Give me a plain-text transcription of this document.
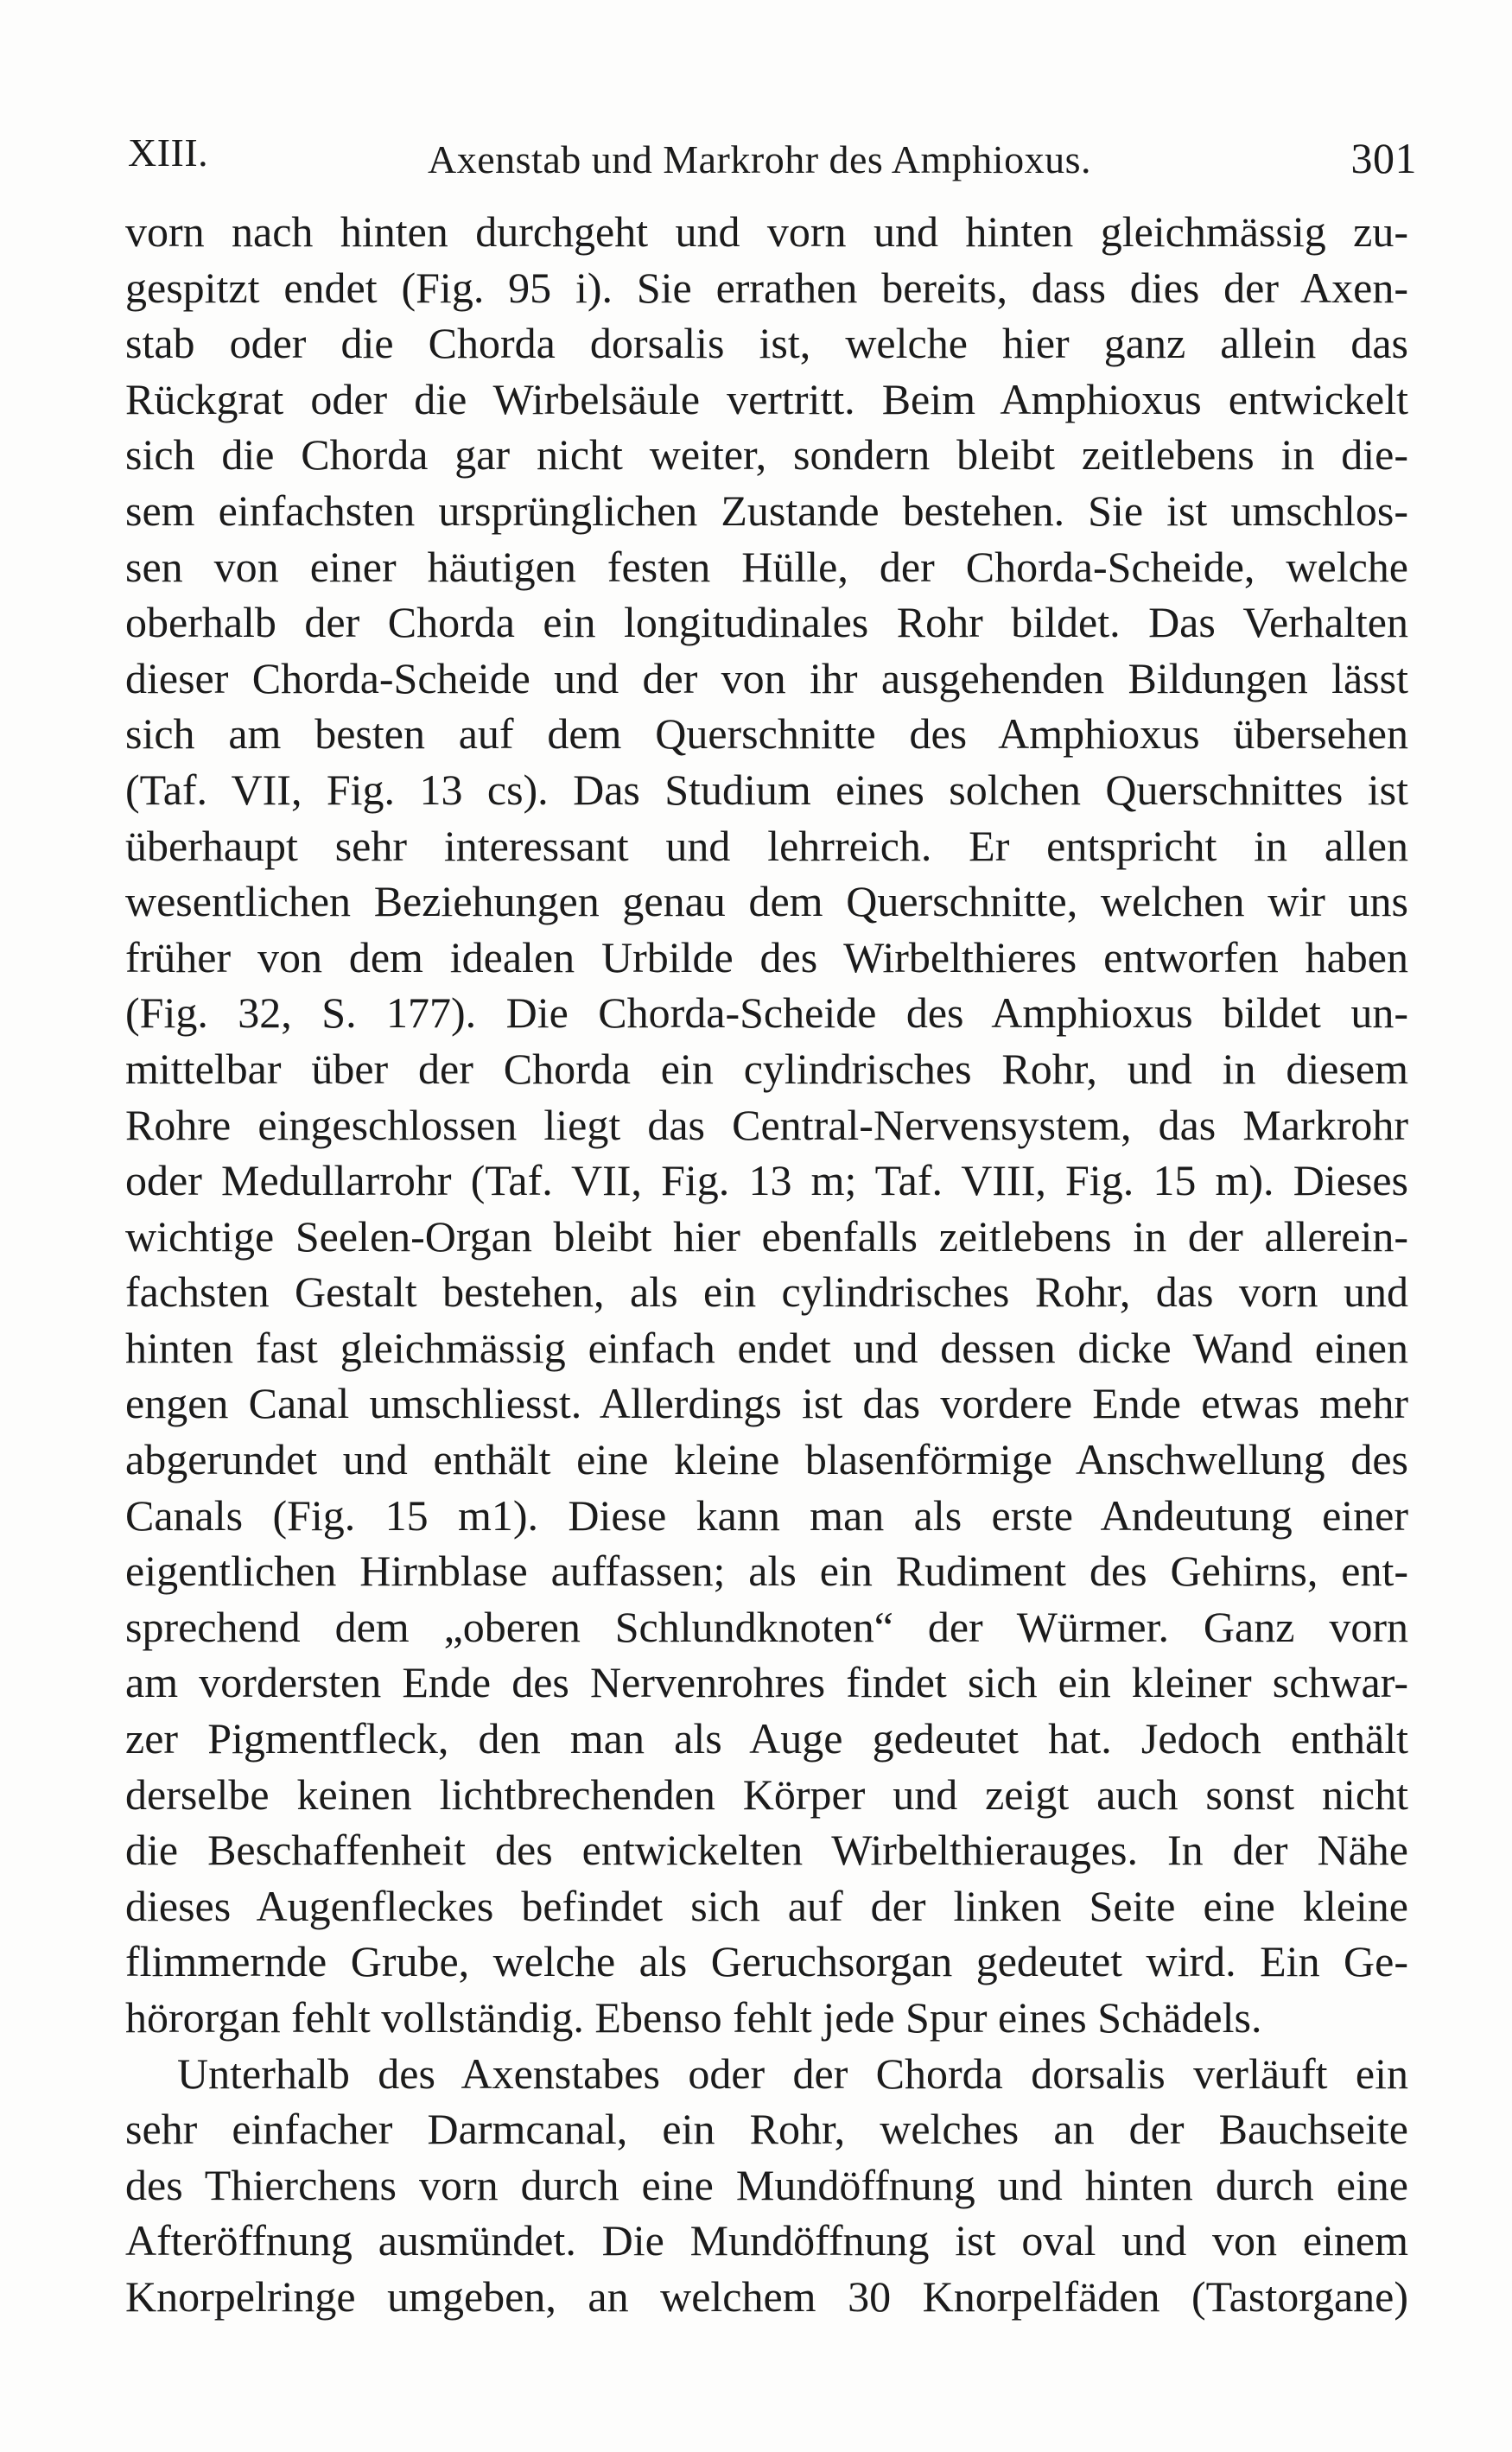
XIII.	Axenstab und Markrohr des Amphioxus.	301
vorn nach hinten durchgeht und vorn und hinten gleichmässig zu-
gespitzt endet (Fig. 95 i). Sie errathen bereits, dass dies der Axen-
stab oder die Chorda dorsalis ist, welche hier ganz allein das
Rückgrat oder die Wirbelsäule vertritt. Beim Amphioxus entwickelt
sich die Chorda gar nicht weiter, sondern bleibt zeitlebens in die-
sem einfachsten ursprünglichen Zustande bestehen. Sie ist umschlos-
sen von einer häutigen festen Hülle, der Chorda-Scheide, welche
oberhalb der Chorda ein longitudinales Rohr bildet. Das Verhalten
dieser Chorda-Scheide und der von ihr ausgehenden Bildungen lässt
sich am besten auf dem Querschnitte des Amphioxus übersehen
(Taf. VII, Fig. 13 cs). Das Studium eines solchen Querschnittes ist
überhaupt sehr interessant und lehrreich. Er entspricht in allen
wesentlichen Beziehungen genau dem Querschnitte, welchen wir uns
früher von dem idealen Urbilde des Wirbelthieres entworfen haben
(Fig. 32, S. 177). Die Chorda-Scheide des Amphioxus bildet un-
mittelbar über der Chorda ein cylindrisches Rohr, und in diesem
Rohre eingeschlossen liegt das Central-Nervensystem, das Markrohr
oder Medullarrohr (Taf. VII, Fig. 13 m; Taf. VIII, Fig. 15 m). Dieses
wichtige Seelen-Organ bleibt hier ebenfalls zeitlebens in der allerein-
fachsten Gestalt bestehen, als ein cylindrisches Rohr, das vorn und
hinten fast gleichmässig einfach endet und dessen dicke Wand einen
engen Canal umschliesst. Allerdings ist das vordere Ende etwas mehr
abgerundet und enthält eine kleine blasenförmige Anschwellung des
Canals (Fig. 15 m1). Diese kann man als erste Andeutung einer
eigentlichen Hirnblase auffassen; als ein Rudiment des Gehirns, ent-
sprechend dem „oberen Schlundknoten“ der Würmer. Ganz vorn
am vordersten Ende des Nervenrohres findet sich ein kleiner schwar-
zer Pigmentfleck, den man als Auge gedeutet hat. Jedoch enthält
derselbe keinen lichtbrechenden Körper und zeigt auch sonst nicht
die Beschaffenheit des entwickelten Wirbelthierauges. In der Nähe
dieses Augenfleckes befindet sich auf der linken Seite eine kleine
flimmernde Grube, welche als Geruchsorgan gedeutet wird. Ein Ge-
hörorgan fehlt vollständig. Ebenso fehlt jede Spur eines Schädels.
Unterhalb des Axenstabes oder der Chorda dorsalis verläuft ein
sehr einfacher Darmcanal, ein Rohr, welches an der Bauchseite
des Thierchens vorn durch eine Mundöffnung und hinten durch eine
Afteröffnung ausmündet. Die Mundöffnung ist oval und von einem
Knorpelringe umgeben, an welchem 30 Knorpelfäden (Tastorgane)
